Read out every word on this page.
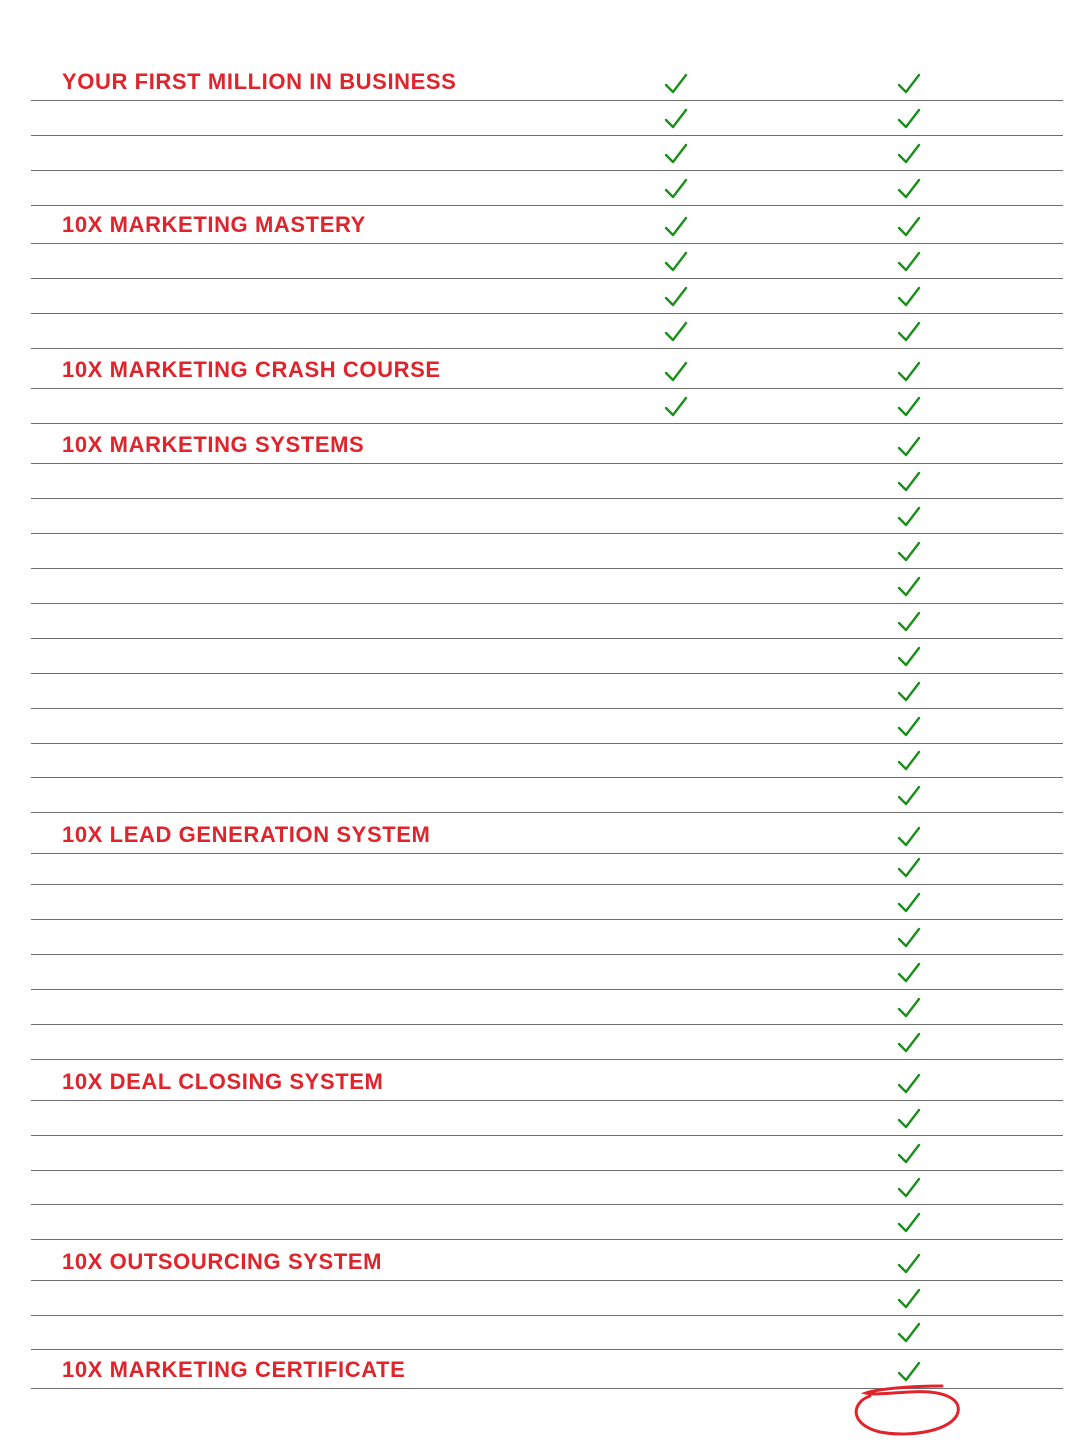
YOUR FIRST MILLION IN BUSINESS
10X MARKETING MASTERY
10X MARKETING CRASH COURSE
10X MARKETING SYSTEMS
10X LEAD GENERATION SYSTEM
10X DEAL CLOSING SYSTEM
10X OUTSOURCING SYSTEM
10X MARKETING CERTIFICATE
